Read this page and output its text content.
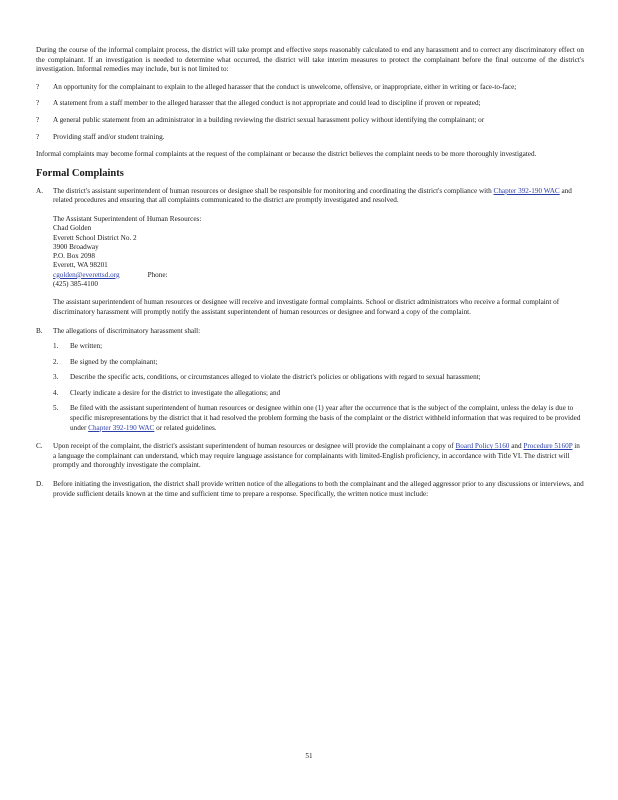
During the course of the informal complaint process, the district will take prompt and effective steps reasonably calculated to end any harassment and to correct any discriminatory effect on the complainant. If an investigation is needed to determine what occurred, the district will take interim measures to protect the complainant before the final outcome of the district's investigation. Informal remedies may include, but is not limited to:

? An opportunity for the complainant to explain to the alleged harasser that the conduct is unwelcome, offensive, or inappropriate, either in writing or face-to-face;
? A statement from a staff member to the alleged harasser that the alleged conduct is not appropriate and could lead to discipline if proven or repeated;
? A general public statement from an administrator in a building reviewing the district sexual harassment policy without identifying the complainant; or
? Providing staff and/or student training.

Informal complaints may become formal complaints at the request of the complainant or because the district believes the complaint needs to be more thoroughly investigated.

Formal Complaints
A. The district's assistant superintendent of human resources or designee shall be responsible for monitoring and coordinating the district's compliance with Chapter 392-190 WAC and related procedures and ensuring that all complaints communicated to the district are promptly investigated and resolved.

The Assistant Superintendent of Human Resources:

Chad Golden

Everett School District No. 2

3900 Broadway

P.O. Box 2098

Everett, WA 98201

cgolden@everettsd.org	Phone:

(425) 385-4100

The assistant superintendent of human resources or designee will receive and investigate formal complaints. School or district administrators who receive a formal complaint of discriminatory harassment will promptly notify the assistant superintendent of human resources or designee and forward a copy of the complaint.

B. The allegations of discriminatory harassment shall:

1. Be written;
2. Be signed by the complainant;
3. Describe the specific acts, conditions, or circumstances alleged to violate the district's policies or obligations with regard to sexual harassment;
4. Clearly indicate a desire for the district to investigate the allegations; and
5. Be filed with the assistant superintendent of human resources or designee within one (1) year after the occurrence that is the subject of the complaint, unless the delay is due to specific misrepresentations by the district that it had resolved the problem forming the basis of the complaint or the district withheld information that was required to be provided under Chapter 392-190 WAC or related guidelines.
C. Upon receipt of the complaint, the district's assistant superintendent of human resources or designee will provide the complainant a copy of Board Policy 5160 and Procedure 5160P in a language the complainant can understand, which may require language assistance for complainants with limited-English proficiency, in accordance with Title VI. The district will promptly and thoroughly investigate the complaint.

D. Before initiating the investigation, the district shall provide written notice of the allegations to both the complainant and the alleged aggressor prior to any discussions or interviews, and provide sufficient details known at the time and sufficient time to prepare a response. Specifically, the written notice must include:

51
